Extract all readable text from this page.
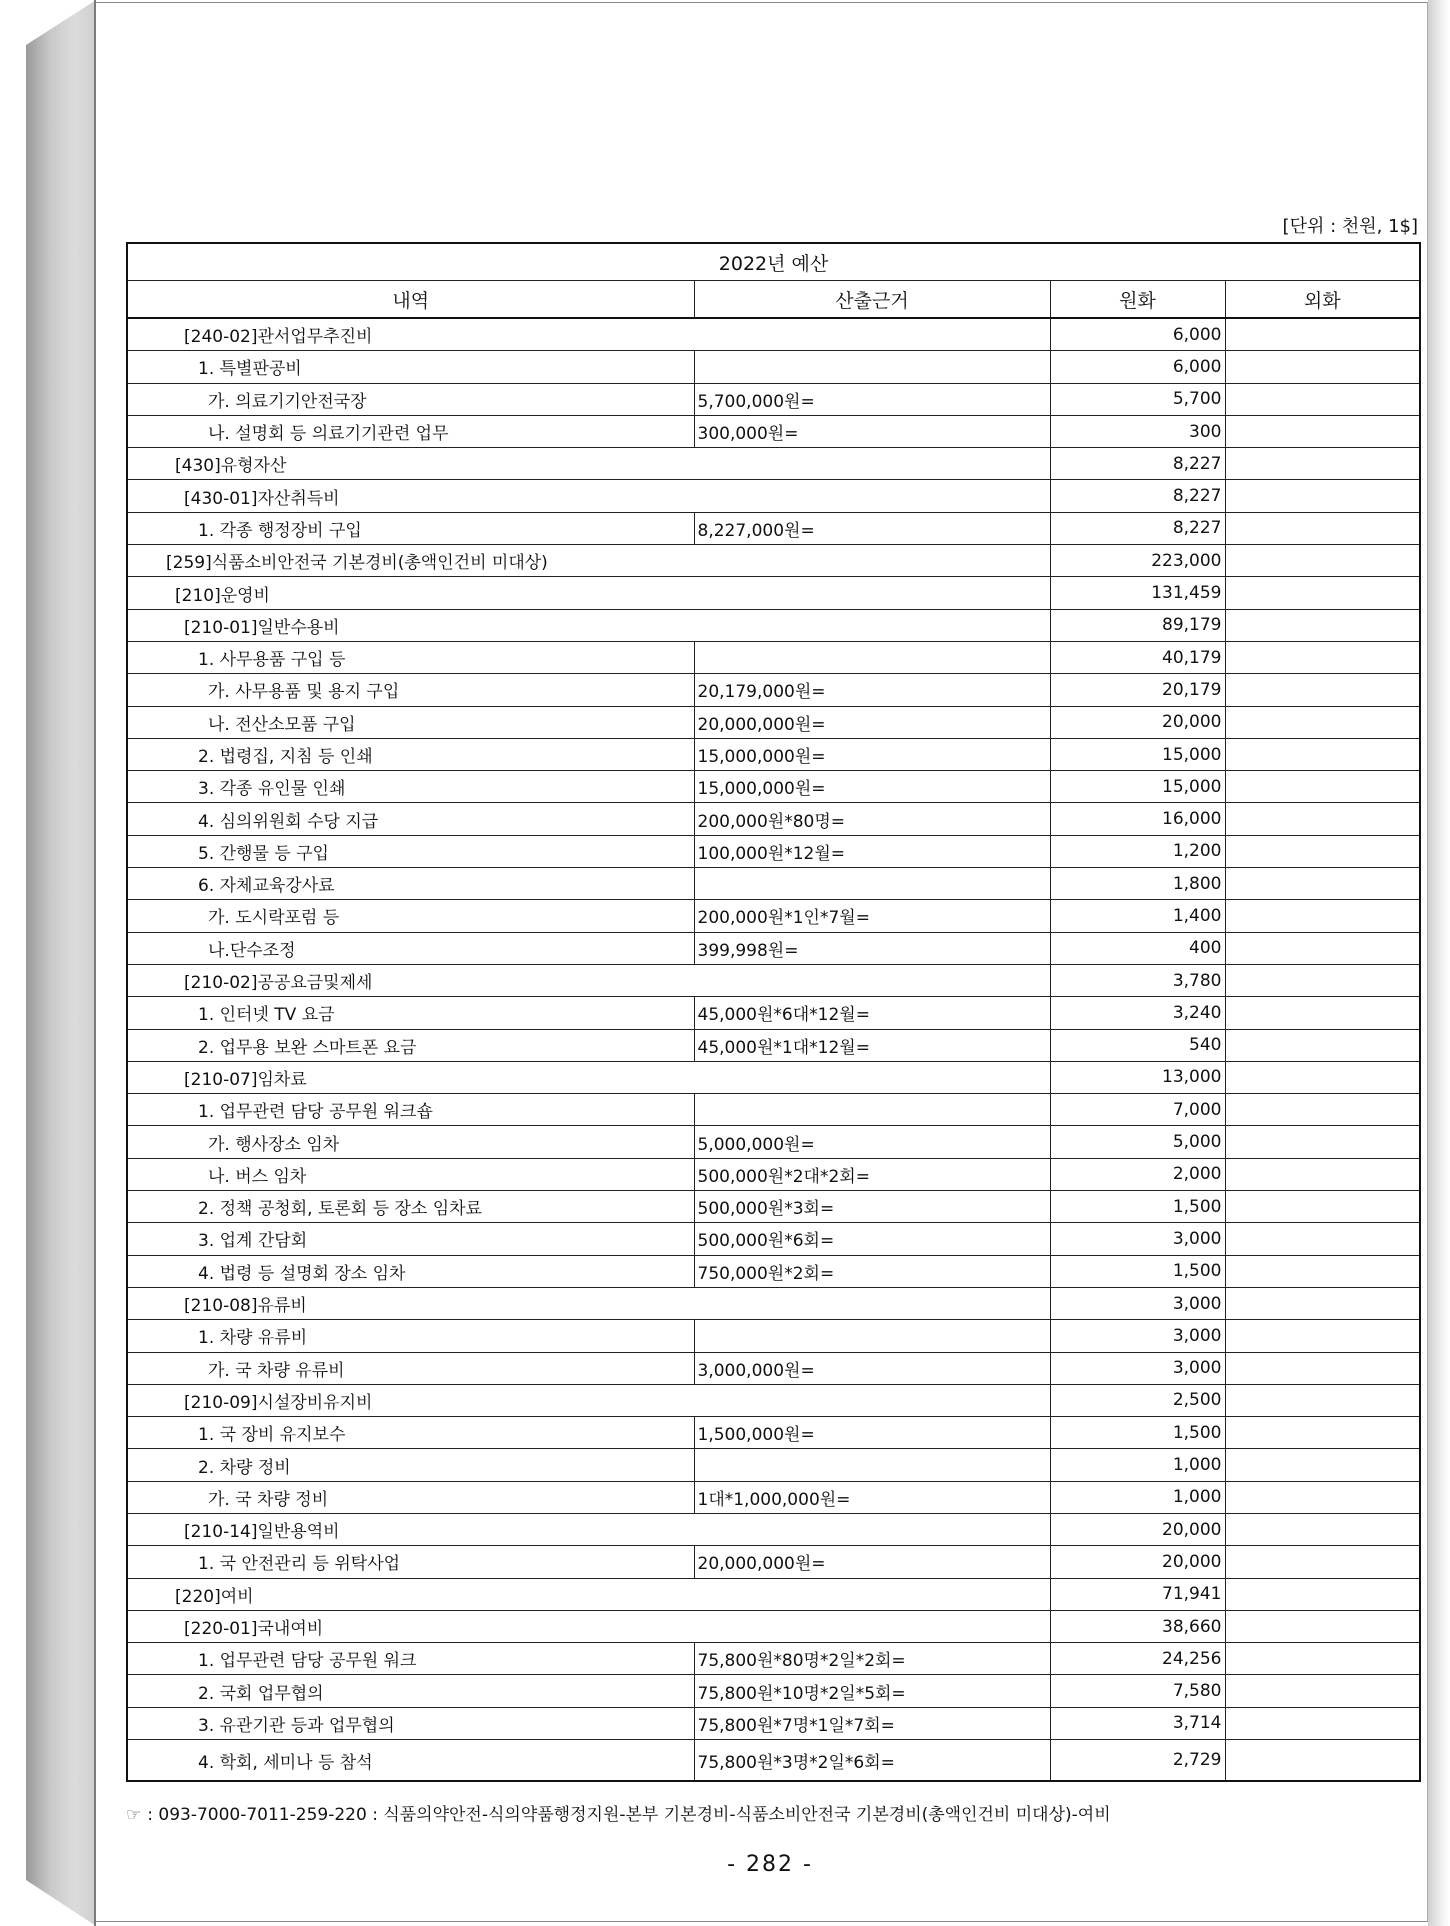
[단위 : 천원, 1$]
2022년 예산			
내역	산출근거	원화	외화
[240-02]관서업무추진비		6,000	
1. 특별판공비		6,000	
가. 의료기기안전국장	5,700,000원=	5,700	
나. 설명회 등 의료기기관련 업무	300,000원=	300	
[430]유형자산		8,227	
[430-01]자산취득비		8,227	
1. 각종 행정장비 구입	8,227,000원=	8,227	
[259]식품소비안전국 기본경비(총액인건비 미대상)		223,000	
[210]운영비		131,459	
[210-01]일반수용비		89,179	
1. 사무용품 구입 등		40,179	
가. 사무용품 및 용지 구입	20,179,000원=	20,179	
나. 전산소모품 구입	20,000,000원=	20,000	
2. 법령집, 지침 등 인쇄	15,000,000원=	15,000	
3. 각종 유인물 인쇄	15,000,000원=	15,000	
4. 심의위원회 수당 지급	200,000원*80명=	16,000	
5. 간행물 등 구입	100,000원*12월=	1,200	
6. 자체교육강사료		1,800	
가. 도시락포럼 등	200,000원*1인*7월=	1,400	
나.단수조정	399,998원=	400	
[210-02]공공요금및제세		3,780	
1. 인터넷 TV 요금	45,000원*6대*12월=	3,240	
2. 업무용 보완 스마트폰 요금	45,000원*1대*12월=	540	
[210-07]임차료		13,000	
1. 업무관련 담당 공무원 워크숍		7,000	
가. 행사장소 임차	5,000,000원=	5,000	
나. 버스 임차	500,000원*2대*2회=	2,000	
2. 정책 공청회, 토론회 등 장소 임차료	500,000원*3회=	1,500	
3. 업계 간담회	500,000원*6회=	3,000	
4. 법령 등 설명회 장소 임차	750,000원*2회=	1,500	
[210-08]유류비		3,000	
1. 차량 유류비		3,000	
가. 국 차량 유류비	3,000,000원=	3,000	
[210-09]시설장비유지비		2,500	
1. 국 장비 유지보수	1,500,000원=	1,500	
2. 차량 정비		1,000	
가. 국 차량 정비	1대*1,000,000원=	1,000	
[210-14]일반용역비		20,000	
1. 국 안전관리 등 위탁사업	20,000,000원=	20,000	
[220]여비		71,941	
[220-01]국내여비		38,660	
1. 업무관련 담당 공무원 워크	75,800원*80명*2일*2회=	24,256	
2. 국회 업무협의	75,800원*10명*2일*5회=	7,580	
3. 유관기관 등과 업무협의	75,800원*7명*1일*7회=	3,714	
4. 학회, 세미나 등 참석	75,800원*3명*2일*6회=	2,729	
☞ : 093-7000-7011-259-220 : 식품의약안전-식의약품행정지원-본부 기본경비-식품소비안전국 기본경비(총액인건비 미대상)-여비
- 282 -
